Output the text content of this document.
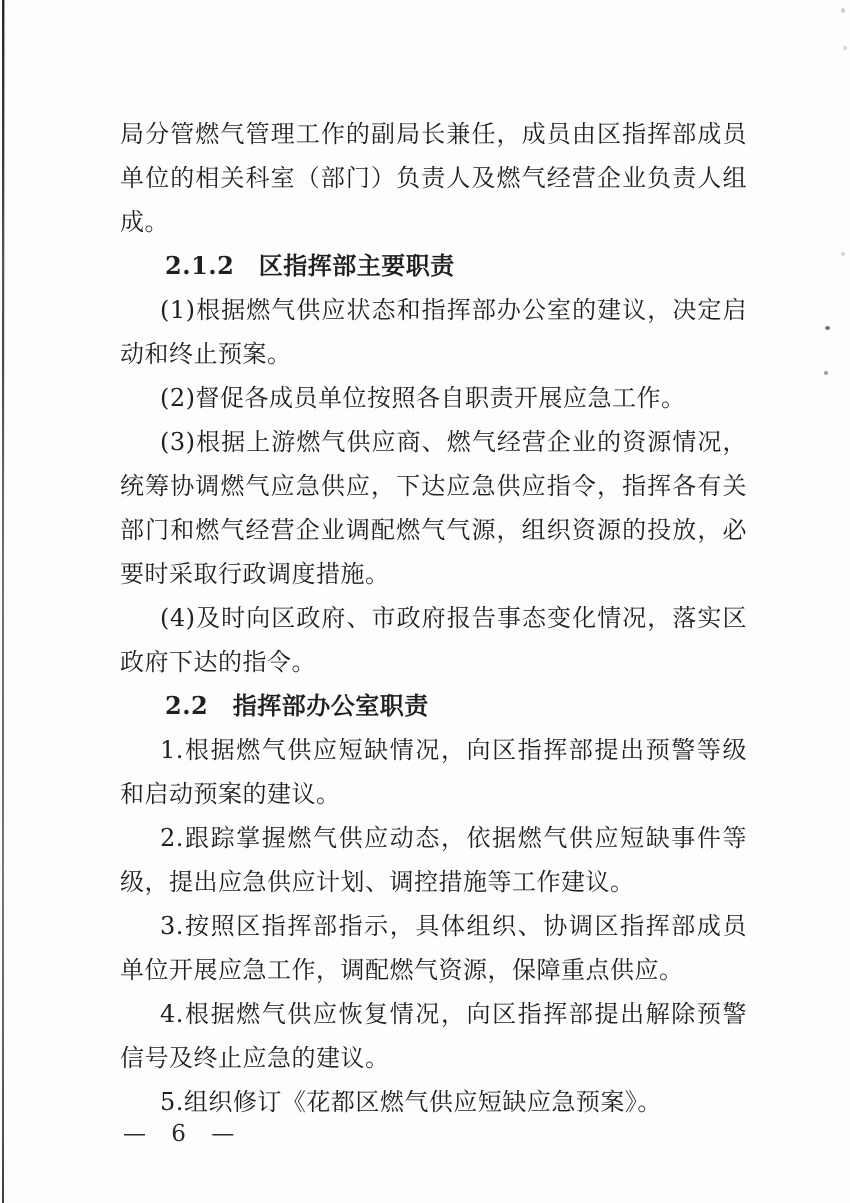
局分管燃气管理工作的副局长兼任，成员由区指挥部成员单位的相关科室（部门）负责人及燃气经营企业负责人组成。

2.1.2　区指挥部主要职责

(1)根据燃气供应状态和指挥部办公室的建议，决定启动和终止预案。

(2)督促各成员单位按照各自职责开展应急工作。

(3)根据上游燃气供应商、燃气经营企业的资源情况，统筹协调燃气应急供应，下达应急供应指令，指挥各有关部门和燃气经营企业调配燃气气源，组织资源的投放，必要时采取行政调度措施。

(4)及时向区政府、市政府报告事态变化情况，落实区政府下达的指令。

2.2　指挥部办公室职责

1.根据燃气供应短缺情况，向区指挥部提出预警等级和启动预案的建议。

2.跟踪掌握燃气供应动态，依据燃气供应短缺事件等级，提出应急供应计划、调控措施等工作建议。

3.按照区指挥部指示，具体组织、协调区指挥部成员单位开展应急工作，调配燃气资源，保障重点供应。

4.根据燃气供应恢复情况，向区指挥部提出解除预警信号及终止应急的建议。

5.组织修订《花都区燃气供应短缺应急预案》。

— 6 —
